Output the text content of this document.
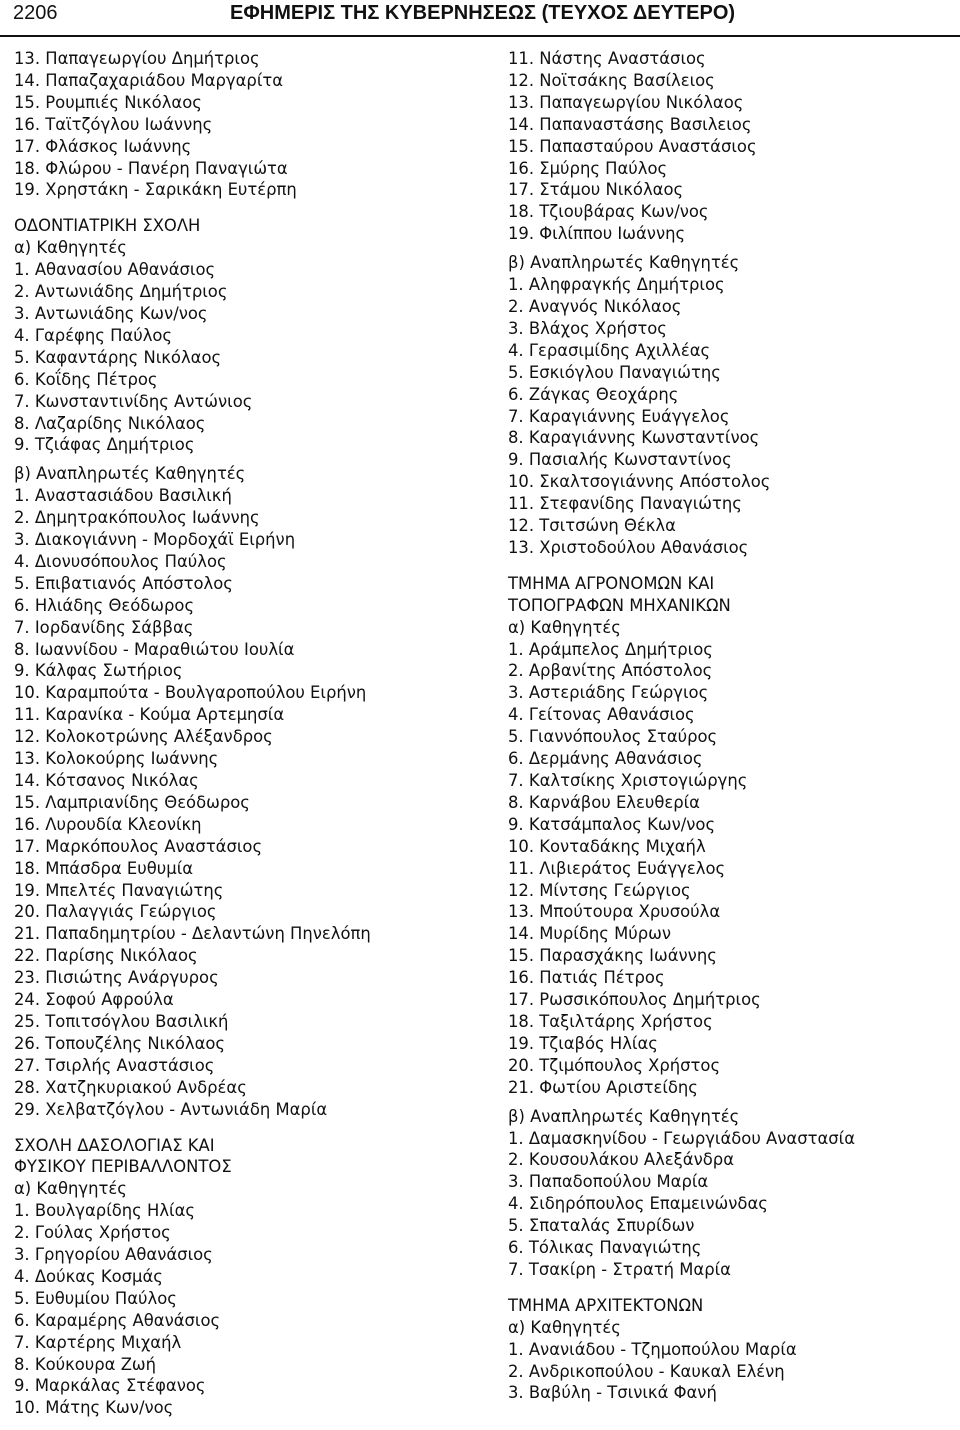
2206	ΕΦΗΜΕΡΙΣ ΤΗΣ ΚΥΒΕΡΝΗΣΕΩΣ (ΤΕΥΧΟΣ ΔΕΥΤΕΡΟ)
13. Παπαγεωργίου Δημήτριος
14. Παπαζαχαριάδου Μαργαρίτα
15. Ρουμπιές Νικόλαος
16. Ταϊτζόγλου Ιωάννης
17. Φλάσκος Ιωάννης
18. Φλώρου - Πανέρη Παναγιώτα
19. Χρηστάκη - Σαρικάκη Ευτέρπη
ΟΔΟΝΤΙΑΤΡΙΚΗ ΣΧΟΛΗ
α) Καθηγητές
1. Αθανασίου Αθανάσιος
2. Αντωνιάδης Δημήτριος
3. Αντωνιάδης Κων/νος
4. Γαρέφης Παύλος
5. Καφαντάρης Νικόλαος
6. Κοΐδης Πέτρος
7. Κωνσταντινίδης Αντώνιος
8. Λαζαρίδης Νικόλαος
9. Τζιάφας Δημήτριος
β) Αναπληρωτές Καθηγητές
1. Αναστασιάδου Βασιλική
2. Δημητρακόπουλος Ιωάννης
3. Διακογιάννη - Μορδοχάϊ Ειρήνη
4. Διονυσόπουλος Παύλος
5. Επιβατιανός Απόστολος
6. Ηλιάδης Θεόδωρος
7. Ιορδανίδης Σάββας
8. Ιωαννίδου - Μαραθιώτου Ιουλία
9. Κάλφας Σωτήριος
10. Καραμπούτα - Βουλγαροπούλου Ειρήνη
11. Καρανίκα - Κούμα Αρτεμησία
12. Κολοκοτρώνης Αλέξανδρος
13. Κολοκούρης Ιωάννης
14. Κότσανος Νικόλας
15. Λαμπριανίδης Θεόδωρος
16. Λυρουδία Κλεονίκη
17. Μαρκόπουλος Αναστάσιος
18. Μπάσδρα Ευθυμία
19. Μπελτές Παναγιώτης
20. Παλαγγιάς Γεώργιος
21. Παπαδημητρίου - Δελαντώνη Πηνελόπη
22. Παρίσης Νικόλαος
23. Πισιώτης Ανάργυρος
24. Σοφού Αφρούλα
25. Τοπιτσόγλου Βασιλική
26. Τοπουζέλης Νικόλαος
27. Τσιρλής Αναστάσιος
28. Χατζηκυριακού Ανδρέας
29. Χελβατζόγλου - Αντωνιάδη Μαρία
ΣΧΟΛΗ ΔΑΣΟΛΟΓΙΑΣ ΚΑΙ
ΦΥΣΙΚΟΥ ΠΕΡΙΒΑΛΛΟΝΤΟΣ
α) Καθηγητές
1. Βουλγαρίδης Ηλίας
2. Γούλας Χρήστος
3. Γρηγορίου Αθανάσιος
4. Δούκας Κοσμάς
5. Ευθυμίου Παύλος
6. Καραμέρης Αθανάσιος
7. Καρτέρης Μιχαήλ
8. Κούκουρα Ζωή
9. Μαρκάλας Στέφανος
10. Μάτης Κων/νος
11. Νάστης Αναστάσιος
12. Νοϊτσάκης Βασίλειος
13. Παπαγεωργίου Νικόλαος
14. Παπαναστάσης Βασιλειος
15. Παπασταύρου Αναστάσιος
16. Σμύρης Παύλος
17. Στάμου Νικόλαος
18. Τζιουβάρας Κων/νος
19. Φιλίππου Ιωάννης
β) Αναπληρωτές Καθηγητές
1. Αληφραγκής Δημήτριος
2. Αναγνός Νικόλαος
3. Βλάχος Χρήστος
4. Γερασιμίδης Αχιλλέας
5. Εσκιόγλου Παναγιώτης
6. Ζάγκας Θεοχάρης
7. Καραγιάννης Ευάγγελος
8. Καραγιάννης Κωνσταντίνος
9. Πασιαλής Κωνσταντίνος
10. Σκαλτσογιάννης Απόστολος
11. Στεφανίδης Παναγιώτης
12. Τσιτσώνη Θέκλα
13. Χριστοδούλου Αθανάσιος
ΤΜΗΜΑ ΑΓΡΟΝΟΜΩΝ ΚΑΙ
ΤΟΠΟΓΡΑΦΩΝ ΜΗΧΑΝΙΚΩΝ
α) Καθηγητές
1. Αράμπελος Δημήτριος
2. Αρβανίτης Απόστολος
3. Αστεριάδης Γεώργιος
4. Γείτονας Αθανάσιος
5. Γιαννόπουλος Σταύρος
6. Δερμάνης Αθανάσιος
7. Καλτσίκης Χριστογιώργης
8. Καρνάβου Ελευθερία
9. Κατσάμπαλος Κων/νος
10. Κονταδάκης Μιχαήλ
11. Λιβιεράτος Ευάγγελος
12. Μίντσης Γεώργιος
13. Μπούτουρα Χρυσούλα
14. Μυρίδης Μύρων
15. Παρασχάκης Ιωάννης
16. Πατιάς Πέτρος
17. Ρωσσικόπουλος Δημήτριος
18. Ταξιλτάρης Χρήστος
19. Τζιαβός Ηλίας
20. Τζιμόπουλος Χρήστος
21. Φωτίου Αριστείδης
β) Αναπληρωτές Καθηγητές
1. Δαμασκηνίδου - Γεωργιάδου Αναστασία
2. Κουσουλάκου Αλεξάνδρα
3. Παπαδοπούλου Μαρία
4. Σιδηρόπουλος Επαμεινώνδας
5. Σπαταλάς Σπυρίδων
6. Τόλικας Παναγιώτης
7. Τσακίρη - Στρατή Μαρία
ΤΜΗΜΑ ΑΡΧΙΤΕΚΤΟΝΩΝ
α) Καθηγητές
1. Ανανιάδου - Τζημοπούλου Μαρία
2. Ανδρικοπούλου - Καυκαλ Ελένη
3. Βαβύλη - Τσινικά Φανή
